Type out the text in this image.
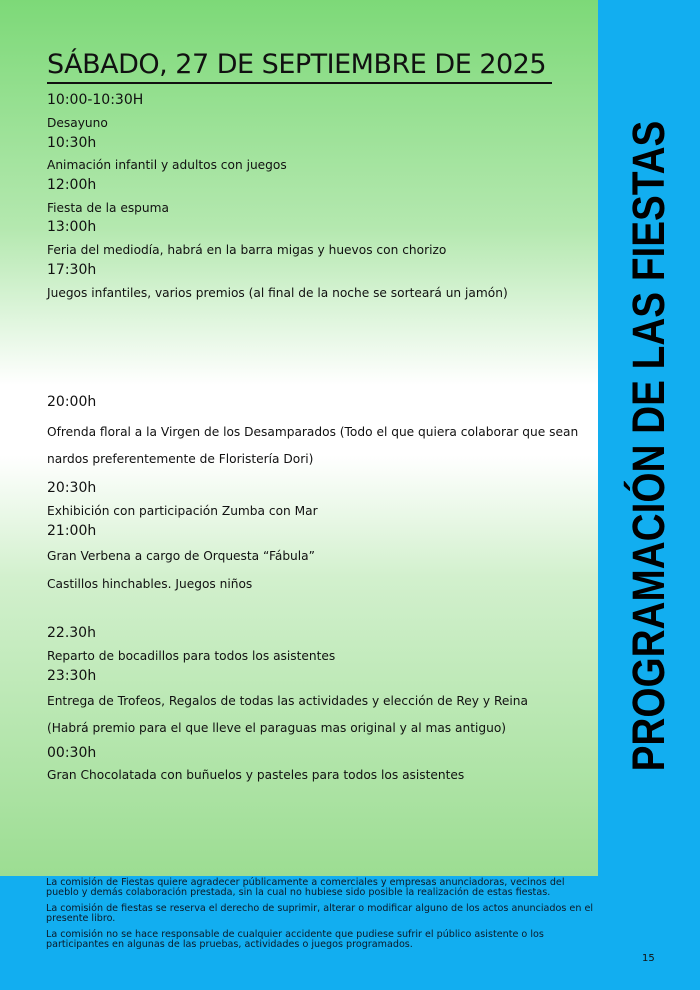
PROGRAMACIÓN DE LAS FIESTAS
SÁBADO, 27 DE SEPTIEMBRE DE 2025
10:00-10:30H
Desayuno
10:30h
Animación infantil y adultos con juegos
12:00h
Fiesta de la espuma
13:00h
Feria del mediodía, habrá en la barra migas y huevos con chorizo
17:30h
Juegos infantiles, varios premios (al final de la noche se sorteará un jamón)
20:00h
Ofrenda floral a la Virgen de los Desamparados (Todo el que quiera colaborar que sean
nardos preferentemente de Floristería Dori)
20:30h
Exhibición con participación Zumba con Mar
21:00h
Gran Verbena a cargo de Orquesta “Fábula”
Castillos hinchables. Juegos niños
22.30h
Reparto de bocadillos para todos los asistentes
23:30h
Entrega de Trofeos, Regalos de todas las actividades y elección de Rey y Reina
(Habrá premio para el que lleve el paraguas mas original y al mas antiguo)
00:30h
Gran Chocolatada con buñuelos y pasteles para todos los asistentes

La comisión de Fiestas quiere agradecer públicamente a comerciales y empresas anunciadoras, vecinos del pueblo y demás colaboración prestada, sin la cual no hubiese sido posible la realización de estas fiestas.

La comisión de fiestas se reserva el derecho de suprimir, alterar o modificar alguno de los actos anunciados en el presente libro.

La comisión no se hace responsable de cualquier accidente que pudiese sufrir el público asistente o los participantes en algunas de las pruebas, actividades o juegos programados.

15
